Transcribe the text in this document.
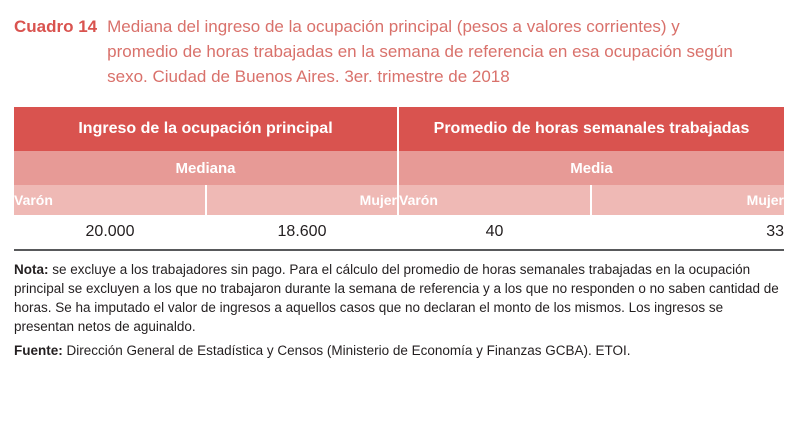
Cuadro 14 Mediana del ingreso de la ocupación principal (pesos a valores corrientes) y promedio de horas trabajadas en la semana de referencia en esa ocupación según sexo. Ciudad de Buenos Aires. 3er. trimestre de 2018
Ingreso de la ocupación principal		Promedio de horas semanales trabajadas	
Mediana		Media	
Varón	Mujer	Varón	Mujer
20.000	18.600	40	33

Nota: se excluye a los trabajadores sin pago. Para el cálculo del promedio de horas semanales trabajadas en la ocupación principal se excluyen a los que no trabajaron durante la semana de referencia y a los que no responden o no saben cantidad de horas. Se ha imputado el valor de ingresos a aquellos casos que no declaran el monto de los mismos. Los ingresos se presentan netos de aguinaldo.

Fuente: Dirección General de Estadística y Censos (Ministerio de Economía y Finanzas GCBA). ETOI.
